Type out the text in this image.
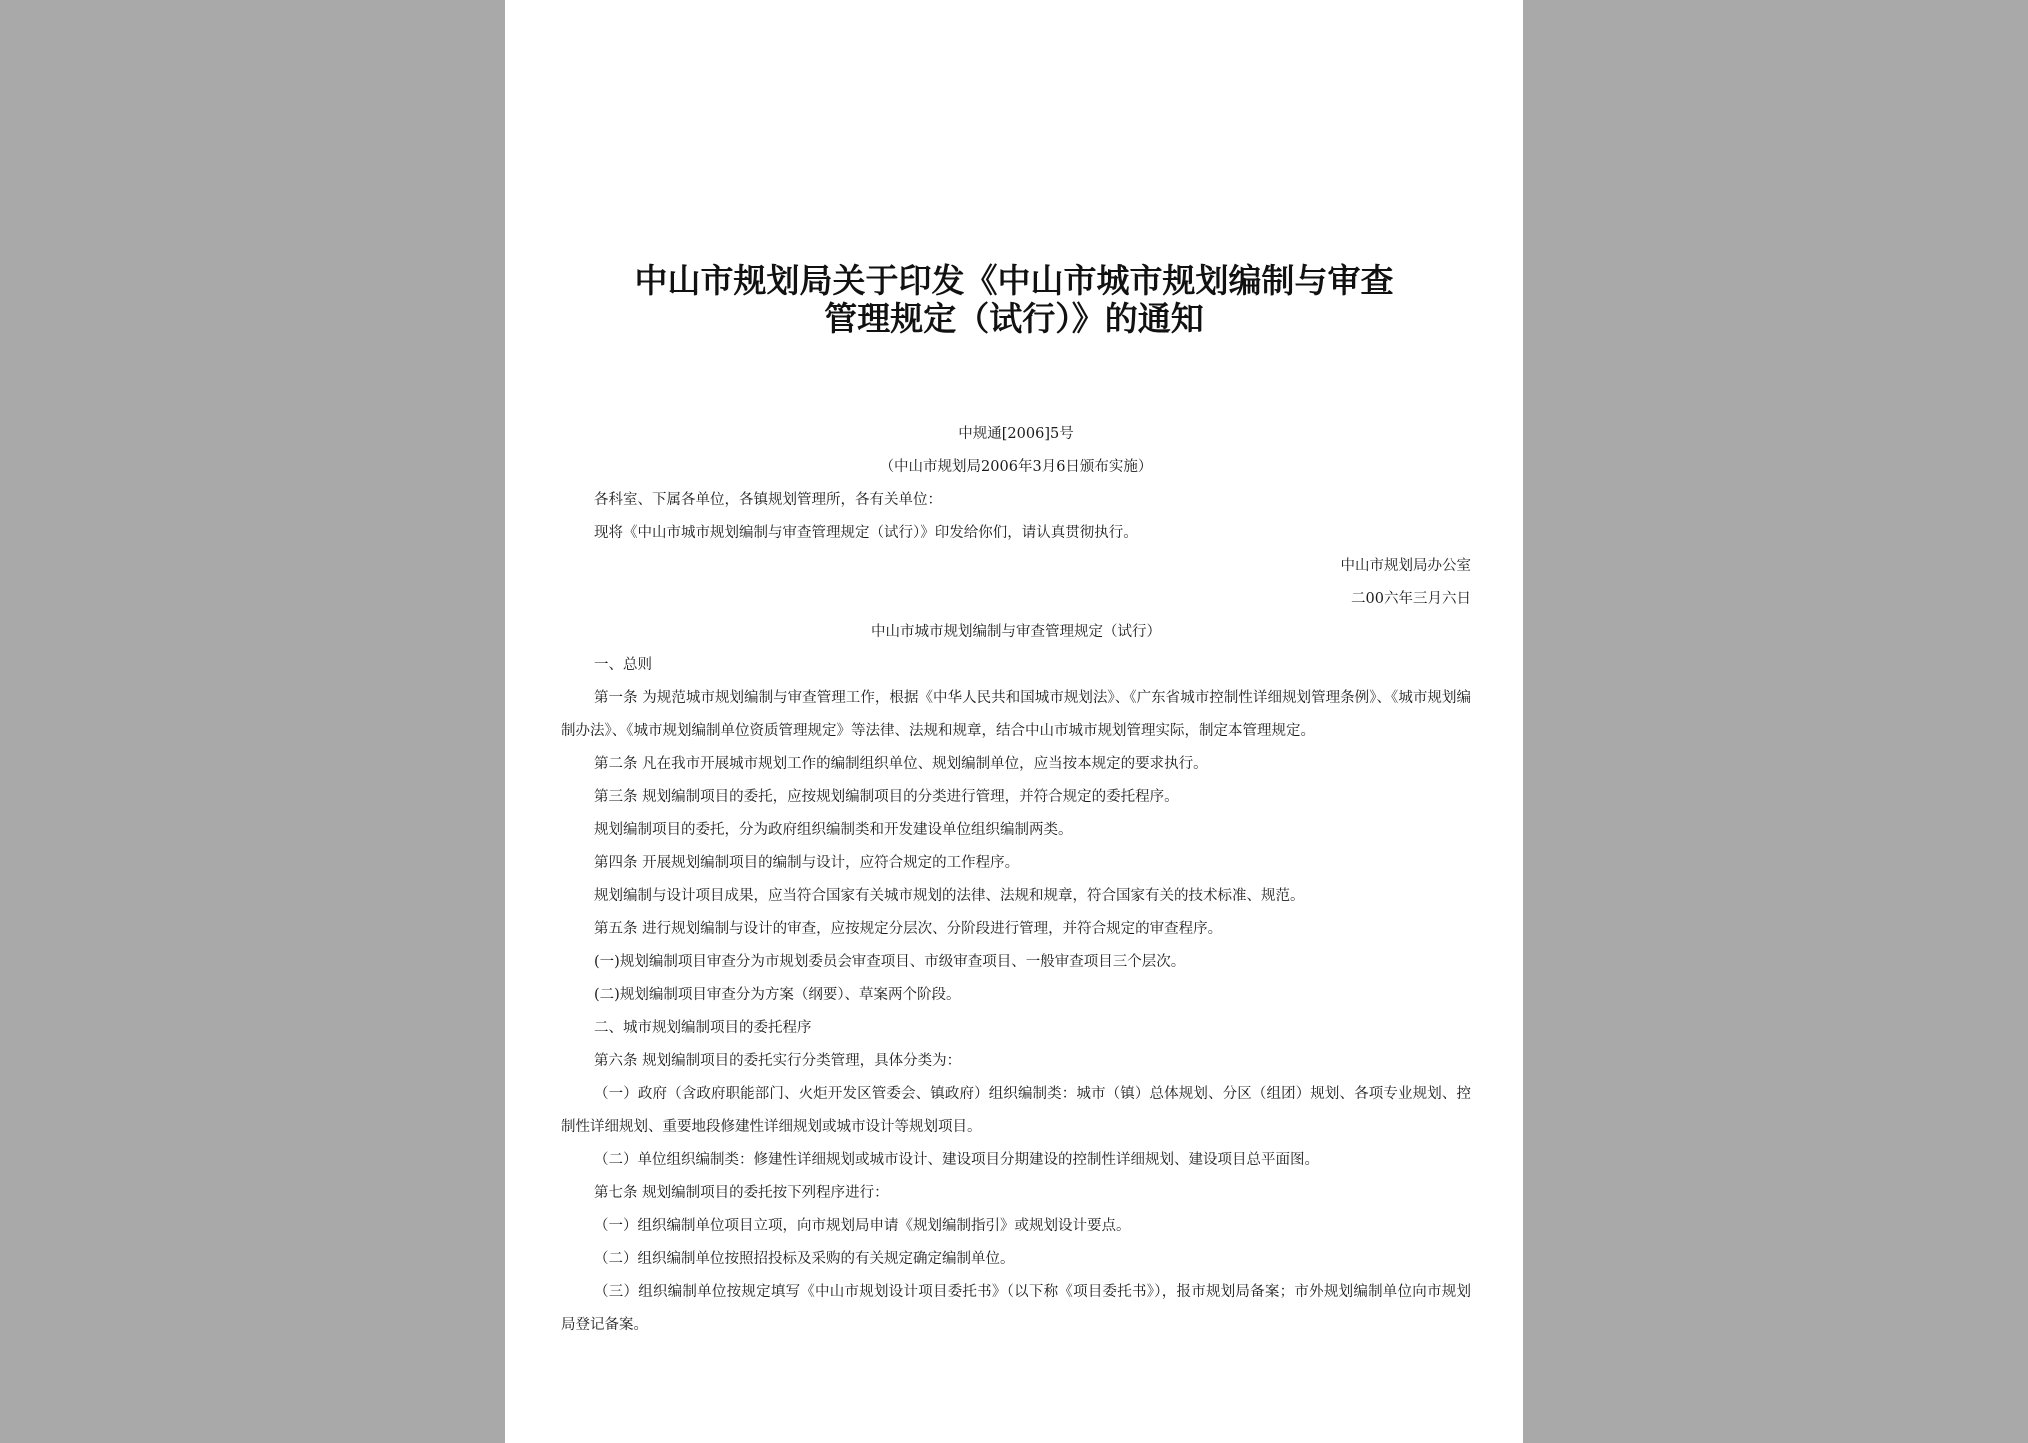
中山市规划局关于印发《中山市城市规划编制与审查
管理规定（试行）》的通知
中规通[2006]5号
（中山市规划局2006年3月6日颁布实施）
各科室、下属各单位，各镇规划管理所，各有关单位：
现将《中山市城市规划编制与审查管理规定（试行）》印发给你们，请认真贯彻执行。
中山市规划局办公室
二00六年三月六日
中山市城市规划编制与审查管理规定（试行）
一、总则
第一条 为规范城市规划编制与审查管理工作，根据《中华人民共和国城市规划法》、《广东省城市控制性详细规划管理条例》、《城市规划编制办法》、《城市规划编制单位资质管理规定》等法律、法规和规章，结合中山市城市规划管理实际，制定本管理规定。
第二条 凡在我市开展城市规划工作的编制组织单位、规划编制单位，应当按本规定的要求执行。
第三条 规划编制项目的委托，应按规划编制项目的分类进行管理，并符合规定的委托程序。
规划编制项目的委托，分为政府组织编制类和开发建设单位组织编制两类。
第四条 开展规划编制项目的编制与设计，应符合规定的工作程序。
规划编制与设计项目成果，应当符合国家有关城市规划的法律、法规和规章，符合国家有关的技术标准、规范。
第五条 进行规划编制与设计的审查，应按规定分层次、分阶段进行管理，并符合规定的审查程序。
(一)规划编制项目审查分为市规划委员会审查项目、市级审查项目、一般审查项目三个层次。
(二)规划编制项目审查分为方案（纲要）、草案两个阶段。
二、城市规划编制项目的委托程序
第六条 规划编制项目的委托实行分类管理，具体分类为：
（一）政府（含政府职能部门、火炬开发区管委会、镇政府）组织编制类：城市（镇）总体规划、分区（组团）规划、各项专业规划、控制性详细规划、重要地段修建性详细规划或城市设计等规划项目。
（二）单位组织编制类：修建性详细规划或城市设计、建设项目分期建设的控制性详细规划、建设项目总平面图。
第七条 规划编制项目的委托按下列程序进行：
（一）组织编制单位项目立项，向市规划局申请《规划编制指引》或规划设计要点。
（二）组织编制单位按照招投标及采购的有关规定确定编制单位。
（三）组织编制单位按规定填写《中山市规划设计项目委托书》（以下称《项目委托书》），报市规划局备案；市外规划编制单位向市规划局登记备案。
